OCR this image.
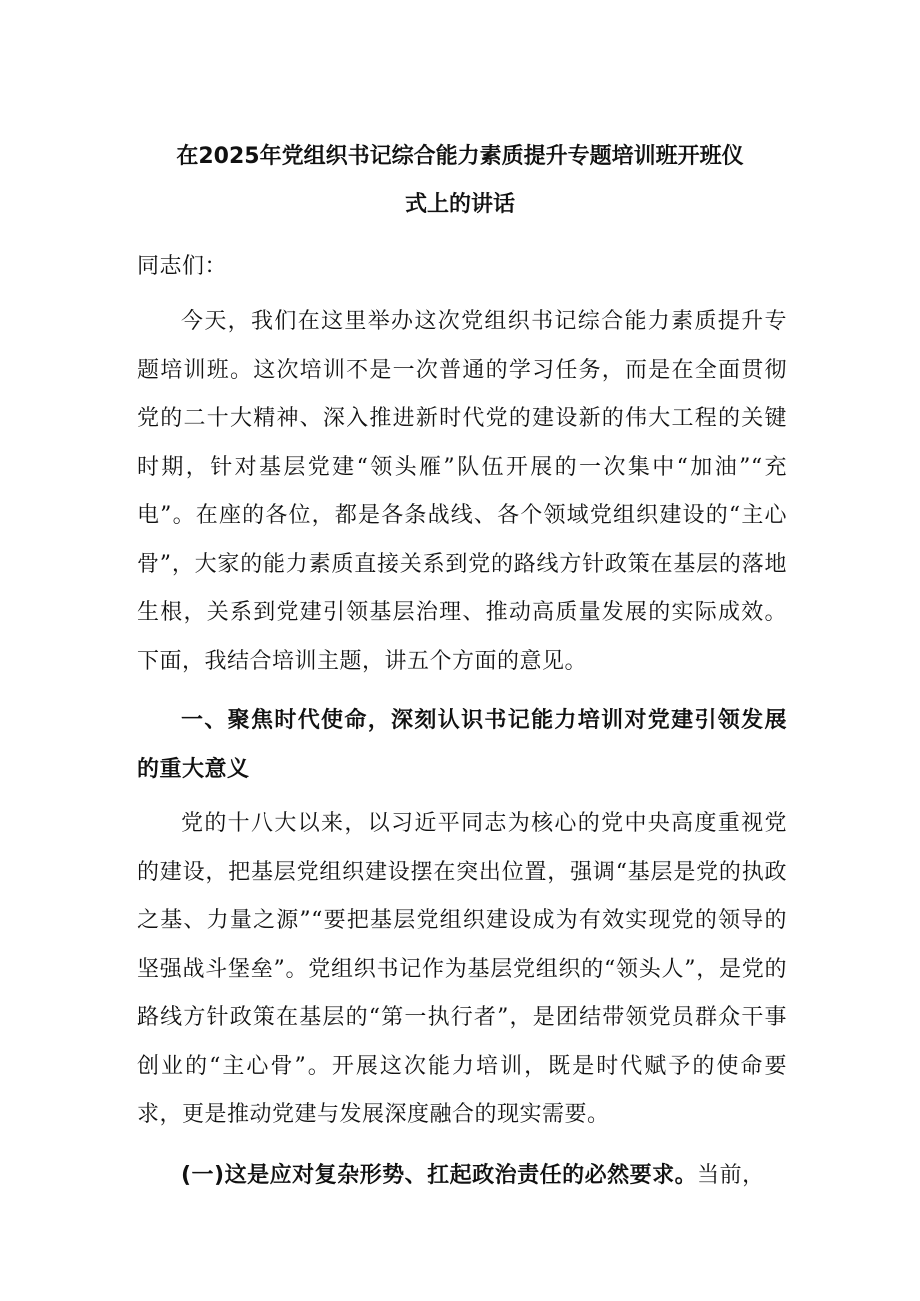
在2025年党组织书记综合能力素质提升专题培训班开班仪
式上的讲话

同志们：

今天，我们在这里举办这次党组织书记综合能力素质提升专题培训班。这次培训不是一次普通的学习任务，而是在全面贯彻党的二十大精神、深入推进新时代党的建设新的伟大工程的关键时期，针对基层党建“领头雁”队伍开展的一次集中“加油”“充电”。在座的各位，都是各条战线、各个领域党组织建设的“主心骨”，大家的能力素质直接关系到党的路线方针政策在基层的落地生根，关系到党建引领基层治理、推动高质量发展的实际成效。下面，我结合培训主题，讲五个方面的意见。

一、聚焦时代使命，深刻认识书记能力培训对党建引领发展的重大意义

党的十八大以来，以习近平同志为核心的党中央高度重视党的建设，把基层党组织建设摆在突出位置，强调“基层是党的执政之基、力量之源”“要把基层党组织建设成为有效实现党的领导的坚强战斗堡垒”。党组织书记作为基层党组织的“领头人”，是党的路线方针政策在基层的“第一执行者”，是团结带领党员群众干事创业的“主心骨”。开展这次能力培训，既是时代赋予的使命要求，更是推动党建与发展深度融合的现实需要。

(一)这是应对复杂形势、扛起政治责任的必然要求。当前，
